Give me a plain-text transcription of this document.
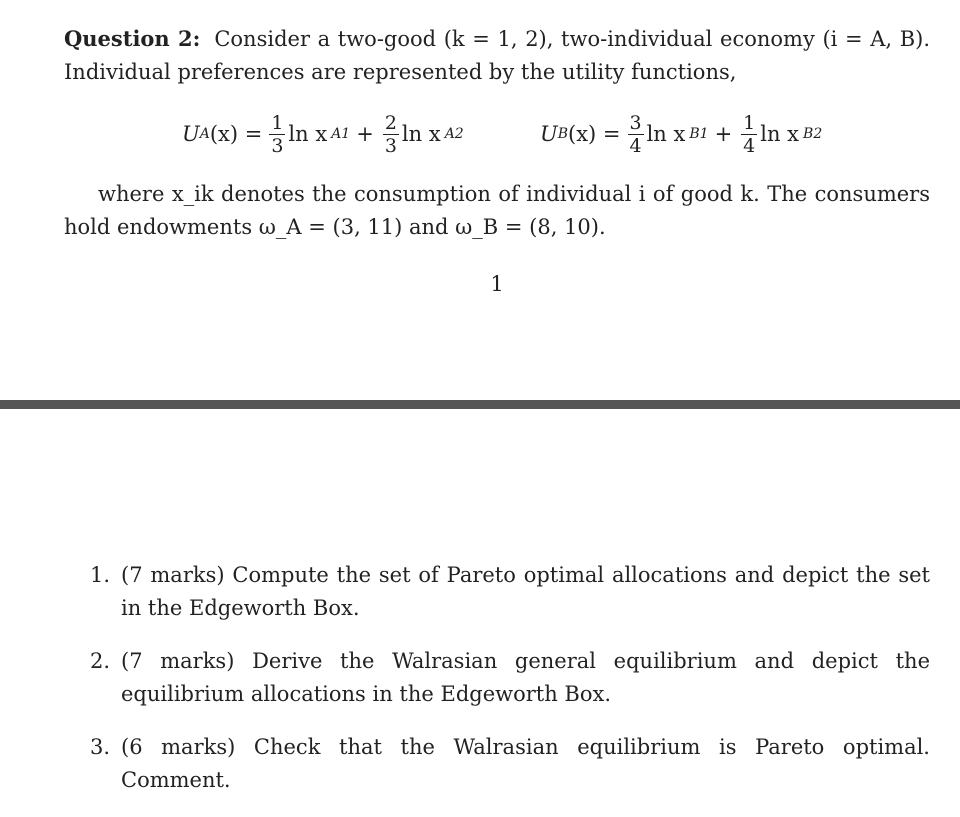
Question 2: Consider a two-good (k = 1, 2), two-individual economy (i = A, B). Individual preferences are represented by the utility functions,
U A $(x) = \frac{1}{3}$ ln x $A1 + \frac{2}{3}$ ln x A2	U B $(x) = \frac{3}{4}$ ln x $B1 + \frac{1}{4}$ ln x B2
where x_ik denotes the consumption of individual i of good k. The consumers hold endowments ω_A = (3, 11) and ω_B = (8, 10).
1
1. (7 marks) Compute the set of Pareto optimal allocations and depict the set in the Edgeworth Box.
2. (7 marks) Derive the Walrasian general equilibrium and depict the equilibrium allocations in the Edgeworth Box.
3. (6 marks) Check that the Walrasian equilibrium is Pareto optimal. Comment.
